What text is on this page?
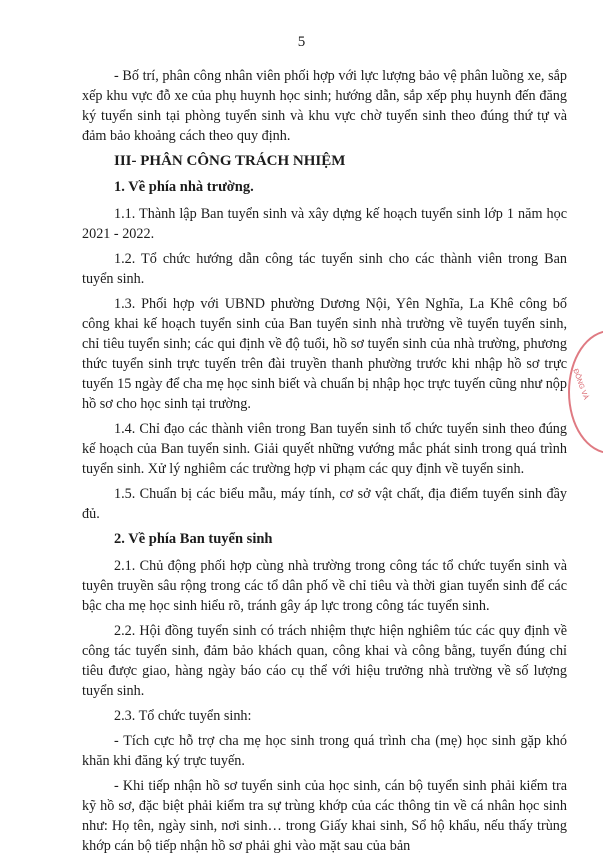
5

- Bố trí, phân công nhân viên phối hợp với lực lượng bảo vệ phân luồng xe, sắp xếp khu vực đỗ xe của phụ huynh học sinh; hướng dẫn, sắp xếp phụ huynh đến đăng ký tuyển sinh tại phòng tuyển sinh và khu vực chờ tuyển sinh theo đúng thứ tự và đảm bảo khoảng cách theo quy định.

III- PHÂN CÔNG TRÁCH NHIỆM
1. Về phía nhà trường.

1.1. Thành lập Ban tuyển sinh và xây dựng kế hoạch tuyển sinh lớp 1 năm học 2021 - 2022.

1.2. Tổ chức hướng dẫn công tác tuyển sinh cho các thành viên trong Ban tuyển sinh.

1.3. Phối hợp với UBND phường Dương Nội, Yên Nghĩa, La Khê công bố công khai kế hoạch tuyển sinh của Ban tuyển sinh nhà trường về tuyển tuyển sinh, chỉ tiêu tuyển sinh; các qui định về độ tuổi, hồ sơ tuyển sinh của nhà trường, phương thức tuyển sinh trực tuyến trên đài truyền thanh phường trước khi nhập hồ sơ trực tuyến 15 ngày để cha mẹ học sinh biết và chuẩn bị nhập học trực tuyến cũng như nộp hồ sơ cho học sinh tại trường.

1.4. Chỉ đạo các thành viên trong Ban tuyển sinh tổ chức tuyển sinh theo đúng kế hoạch của Ban tuyển sinh. Giải quyết những vướng mắc phát sinh trong quá trình tuyển sinh. Xử lý nghiêm các trường hợp vi phạm các quy định về tuyển sinh.

1.5. Chuẩn bị các biểu mẫu, máy tính, cơ sở vật chất, địa điểm tuyển sinh đầy đủ.

2. Về phía Ban tuyển sinh

2.1. Chủ động phối hợp cùng nhà trường trong công tác tổ chức tuyển sinh và tuyên truyền sâu rộng trong các tổ dân phố về chỉ tiêu và thời gian tuyển sinh để các bậc cha mẹ học sinh hiểu rõ, tránh gây áp lực trong công tác tuyển sinh.

2.2. Hội đồng tuyển sinh có trách nhiệm thực hiện nghiêm túc các quy định về công tác tuyển sinh, đảm bảo khách quan, công khai và công bằng, tuyển đúng chỉ tiêu được giao, hàng ngày báo cáo cụ thể với hiệu trưởng nhà trường về số lượng tuyển sinh.

2.3. Tổ chức tuyển sinh:

- Tích cực hỗ trợ cha mẹ học sinh trong quá trình cha (mẹ) học sinh gặp khó khăn khi đăng ký trực tuyến.

- Khi tiếp nhận hồ sơ tuyển sinh của học sinh, cán bộ tuyển sinh phải kiểm tra kỹ hồ sơ, đặc biệt phải kiểm tra sự trùng khớp của các thông tin về cá nhân học sinh như: Họ tên, ngày sinh, nơi sinh… trong Giấy khai sinh, Sổ hộ khẩu, nếu thấy trùng khớp cán bộ tiếp nhận hồ sơ phải ghi vào mặt sau của bản

ĐÔNG VÀ
